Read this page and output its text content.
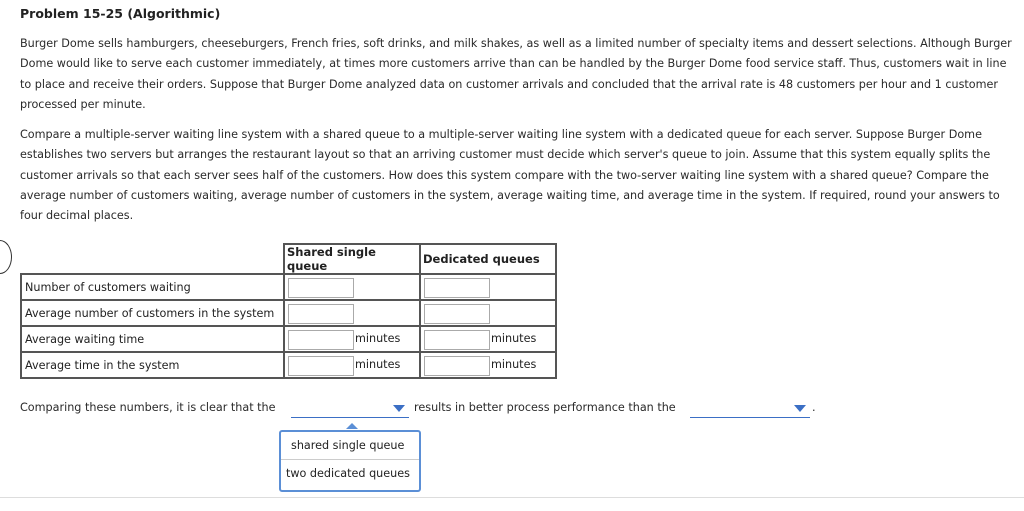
Problem 15-25 (Algorithmic)
Burger Dome sells hamburgers, cheeseburgers, French fries, soft drinks, and milk shakes, as well as a limited number of specialty items and dessert selections. Although Burger Dome would like to serve each customer immediately, at times more customers arrive than can be handled by the Burger Dome food service staff. Thus, customers wait in line to place and receive their orders. Suppose that Burger Dome analyzed data on customer arrivals and concluded that the arrival rate is 48 customers per hour and 1 customer processed per minute.
Compare a multiple-server waiting line system with a shared queue to a multiple-server waiting line system with a dedicated queue for each server. Suppose Burger Dome establishes two servers but arranges the restaurant layout so that an arriving customer must decide which server's queue to join. Assume that this system equally splits the customer arrivals so that each server sees half of the customers. How does this system compare with the two-server waiting line system with a shared queue? Compare the average number of customers waiting, average number of customers in the system, average waiting time, and average time in the system. If required, round your answers to four decimal places.
	Shared single queue	Dedicated queues
Number of customers waiting	

Average number of customers in the system	

Average waiting time	minutes	minutes

Average time in the system	minutes	minutes
Comparing these numbers, it is clear that the	results in better process performance than the	.
shared single queue
two dedicated queues
